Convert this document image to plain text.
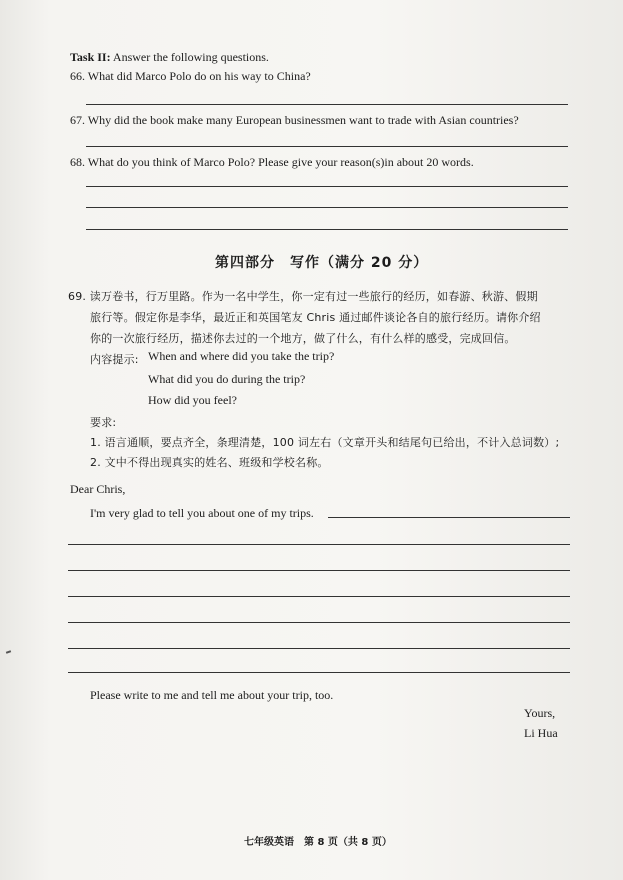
Task II: Answer the following questions.
66. What did Marco Polo do on his way to China?
67. Why did the book make many European businessmen want to trade with Asian countries?
68. What do you think of Marco Polo? Please give your reason(s)in about 20 words.
第四部分　写作（满分 20 分）
69. 读万卷书，行万里路。作为一名中学生，你一定有过一些旅行的经历，如春游、秋游、假期
旅行等。假定你是李华，最近正和英国笔友 Chris 通过邮件谈论各自的旅行经历。请你介绍
你的一次旅行经历，描述你去过的一个地方，做了什么，有什么样的感受，完成回信。
内容提示: When and where did you take the trip?
What did you do during the trip?
How did you feel?
要求:
1. 语言通顺，要点齐全，条理清楚，100 词左右（文章开头和结尾句已给出，不计入总词数）;
2. 文中不得出现真实的姓名、班级和学校名称。
Dear Chris,
I'm very glad to tell you about one of my trips.
Please write to me and tell me about your trip, too.
Yours,
Li Hua
七年级英语　第 8 页（共 8 页）
